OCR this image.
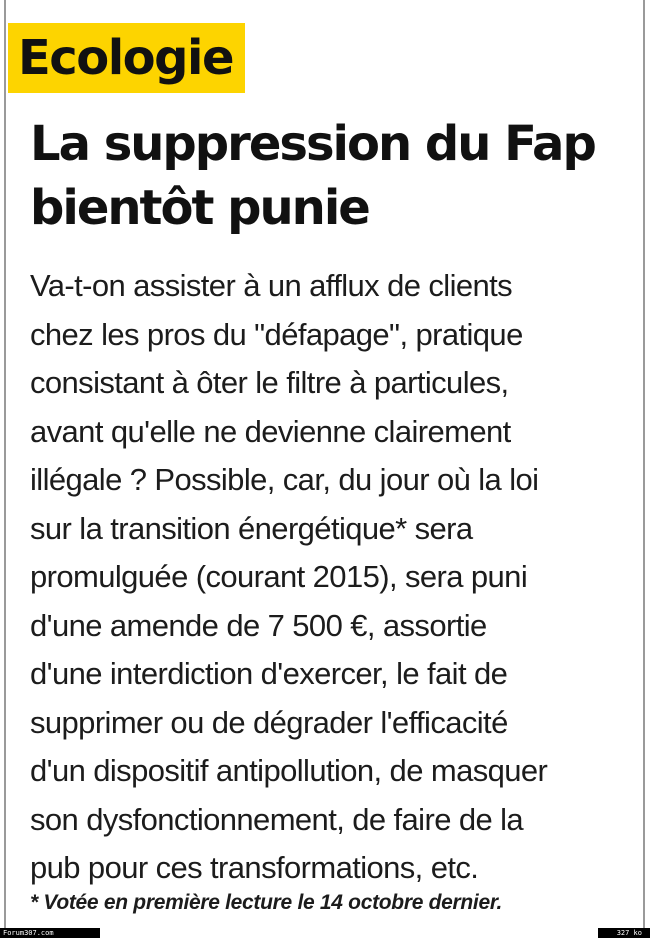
Ecologie
La suppression du Fap
bientôt punie
Va-t-on assister à un afflux de clients
chez les pros du "défapage", pratique
consistant à ôter le filtre à particules,
avant qu'elle ne devienne clairement
illégale ? Possible, car, du jour où la loi
sur la transition énergétique* sera
promulguée (courant 2015), sera puni
d'une amende de 7 500 €, assortie
d'une interdiction d'exercer, le fait de
supprimer ou de dégrader l'efficacité
d'un dispositif antipollution, de masquer
son dysfonctionnement, de faire de la
pub pour ces transformations, etc.

* Votée en première lecture le 14 octobre dernier.

Forum307.com	327 ko
